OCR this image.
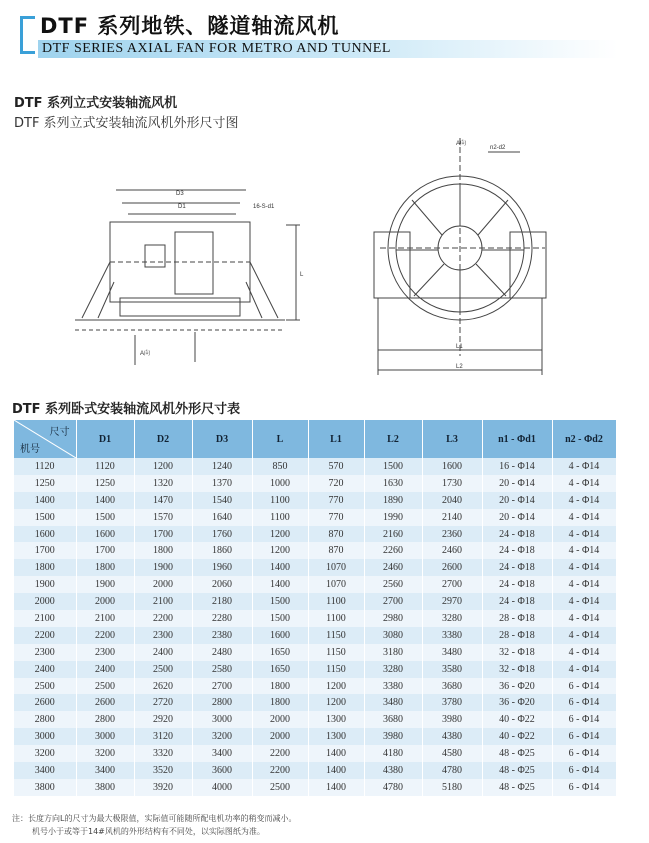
DTF 系列地铁、隧道轴流风机
DTF SERIES AXIAL FAN FOR METRO AND TUNNEL
DTF 系列立式安装轴流风机
DTF 系列立式安装轴流风机外形尺寸图
D3
D1	16-S-d1
L
A向
A向
n2-d2
L1
L2
DTF 系列卧式安装轴流风机外形尺寸表
尺寸
机号	D1	D2	D3	L	L1	L2	L3	n1 - Φd1	n2 - Φd2
1120	1120	1200	1240	850	570	1500	1600	16 - Φ14	4 - Φ14
1250	1250	1320	1370	1000	720	1630	1730	20 - Φ14	4 - Φ14
1400	1400	1470	1540	1100	770	1890	2040	20 - Φ14	4 - Φ14
1500	1500	1570	1640	1100	770	1990	2140	20 - Φ14	4 - Φ14
1600	1600	1700	1760	1200	870	2160	2360	24 - Φ18	4 - Φ14
1700	1700	1800	1860	1200	870	2260	2460	24 - Φ18	4 - Φ14
1800	1800	1900	1960	1400	1070	2460	2600	24 - Φ18	4 - Φ14
1900	1900	2000	2060	1400	1070	2560	2700	24 - Φ18	4 - Φ14
2000	2000	2100	2180	1500	1100	2700	2970	24 - Φ18	4 - Φ14
2100	2100	2200	2280	1500	1100	2980	3280	28 - Φ18	4 - Φ14
2200	2200	2300	2380	1600	1150	3080	3380	28 - Φ18	4 - Φ14
2300	2300	2400	2480	1650	1150	3180	3480	32 - Φ18	4 - Φ14
2400	2400	2500	2580	1650	1150	3280	3580	32 - Φ18	4 - Φ14
2500	2500	2620	2700	1800	1200	3380	3680	36 - Φ20	6 - Φ14
2600	2600	2720	2800	1800	1200	3480	3780	36 - Φ20	6 - Φ14
2800	2800	2920	3000	2000	1300	3680	3980	40 - Φ22	6 - Φ14
3000	3000	3120	3200	2000	1300	3980	4380	40 - Φ22	6 - Φ14
3200	3200	3320	3400	2200	1400	4180	4580	48 - Φ25	6 - Φ14
3400	3400	3520	3600	2200	1400	4380	4780	48 - Φ25	6 - Φ14
3800	3800	3920	4000	2500	1400	4780	5180	48 - Φ25	6 - Φ14
注：长度方向L的尺寸为最大极限值，实际值可能随所配电机功率的稍变而减小。
机号小于或等于14#风机的外形结构有不同处，以实际图纸为准。
